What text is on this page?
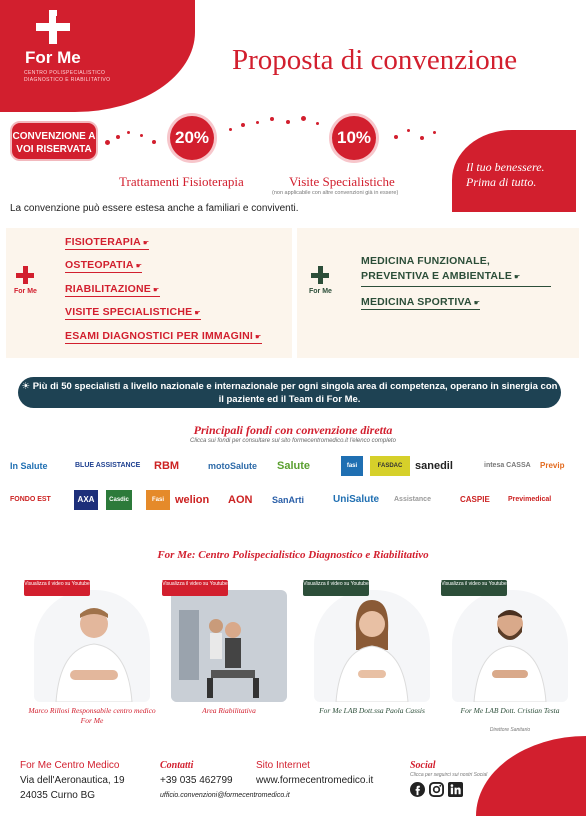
For Me
CENTRO POLISPECIALISTICO DIAGNOSTICO E RIABILITATIVO
Proposta di convenzione
CONVENZIONE A VOI RISERVATA
20%	10%
Trattamenti Fisioterapia	Visite Specialistiche
(non applicabile con altre convenzioni già in essere)
Il tuo benessere. Prima di tutto.
La convenzione può essere estesa anche a familiari e conviventi.
For Me	For Me
FISIOTERAPIA ☛
OSTEOPATIA ☛
RIABILITAZIONE ☛
VISITE SPECIALISTICHE ☛
ESAMI DIAGNOSTICI PER IMMAGINI ☛
MEDICINA FUNZIONALE, PREVENTIVA E AMBIENTALE ☛
MEDICINA SPORTIVA ☛
☀ Più di 50 specialisti a livello nazionale e internazionale per ogni singola area di competenza, operano in sinergia con il paziente ed il Team di For Me.
Principali fondi con convenzione diretta
Clicca sui fondi per consultare sul sito formecentromedico.it l'elenco completo
In Salute	BLUE ASSISTANCE RBM	motoSalute Salute	fasi	FASDAC	sanedil	intesa CASSA Previp
FONDO EST	AXA	Casdic	Fasi	welion AON SanArti	UniSalute Assistance	CASPIE	Previmedical
For Me: Centro Polispecialistico Diagnostico e Riabilitativo
Visualizza il video su Youtube
Marco Rillosi Responsabile centro medico For Me
Visualizza il video su Youtube
Area Riabilitativa
Visualizza il video su Youtube
For Me LAB Dott.ssa Paola Cassis
Visualizza il video su Youtube
For Me LAB Dott. Cristian Testa
Direttore Sanitario
For Me Centro Medico
Via dell'Aeronautica, 19
24035 Curno BG
Contatti
+39 035 462799
ufficio.convenzioni@formecentromedico.it
Sito Internet
www.formecentromedico.it
Social
Clicca per seguirci sui nostri Social
